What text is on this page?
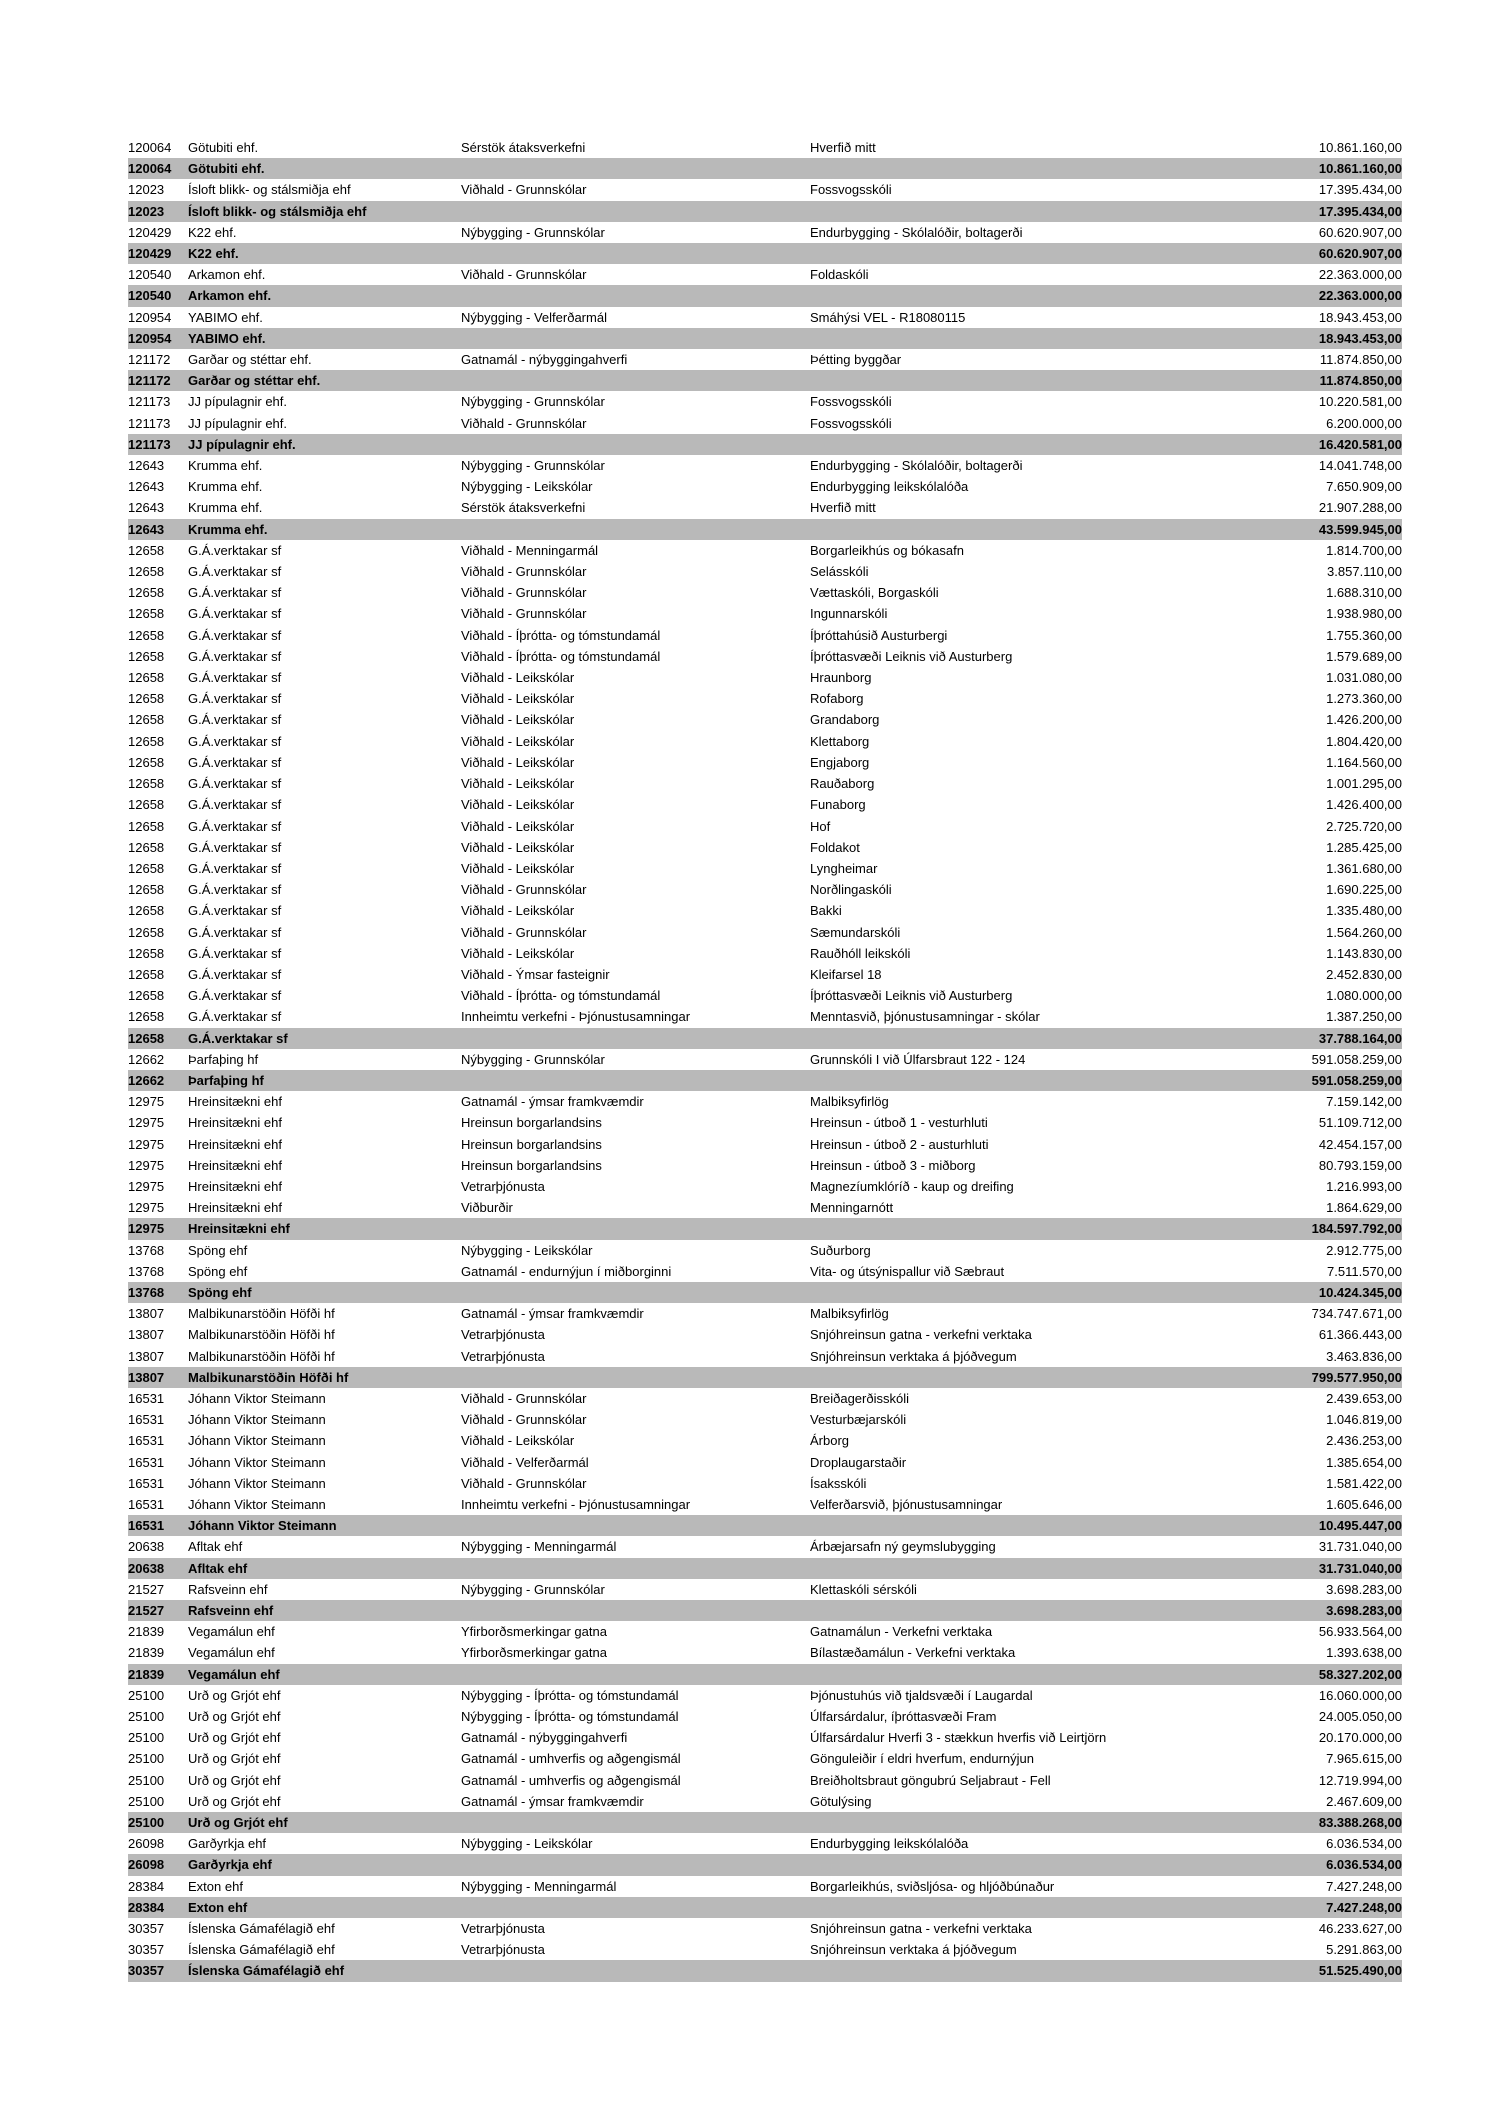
120064	Götubiti ehf.	Sérstök átaksverkefni	Hverfið mitt	10.861.160,00
120064	Götubiti ehf.			10.861.160,00
12023	Ísloft blikk- og stálsmiðja ehf	Viðhald - Grunnskólar	Fossvogsskóli	17.395.434,00
12023	Ísloft blikk- og stálsmiðja ehf			17.395.434,00
120429	K22 ehf.	Nýbygging - Grunnskólar	Endurbygging - Skólalóðir, boltagerði	60.620.907,00
120429	K22 ehf.			60.620.907,00
120540	Arkamon ehf.	Viðhald - Grunnskólar	Foldaskóli	22.363.000,00
120540	Arkamon ehf.			22.363.000,00
120954	YABIMO ehf.	Nýbygging - Velferðarmál	Smáhýsi VEL - R18080115	18.943.453,00
120954	YABIMO ehf.			18.943.453,00
121172	Garðar og stéttar ehf.	Gatnamál - nýbyggingahverfi	Þétting byggðar	11.874.850,00
121172	Garðar og stéttar ehf.			11.874.850,00
121173	JJ pípulagnir ehf.	Nýbygging - Grunnskólar	Fossvogsskóli	10.220.581,00
121173	JJ pípulagnir ehf.	Viðhald - Grunnskólar	Fossvogsskóli	6.200.000,00
121173	JJ pípulagnir ehf.			16.420.581,00
12643	Krumma ehf.	Nýbygging - Grunnskólar	Endurbygging - Skólalóðir, boltagerði	14.041.748,00
12643	Krumma ehf.	Nýbygging - Leikskólar	Endurbygging leikskólalóða	7.650.909,00
12643	Krumma ehf.	Sérstök átaksverkefni	Hverfið mitt	21.907.288,00
12643	Krumma ehf.			43.599.945,00
12658	G.Á.verktakar sf	Viðhald - Menningarmál	Borgarleikhús og bókasafn	1.814.700,00
12658	G.Á.verktakar sf	Viðhald - Grunnskólar	Selásskóli	3.857.110,00
12658	G.Á.verktakar sf	Viðhald - Grunnskólar	Vættaskóli, Borgaskóli	1.688.310,00
12658	G.Á.verktakar sf	Viðhald - Grunnskólar	Ingunnarskóli	1.938.980,00
12658	G.Á.verktakar sf	Viðhald - Íþrótta- og tómstundamál	Íþróttahúsið Austurbergi	1.755.360,00
12658	G.Á.verktakar sf	Viðhald - Íþrótta- og tómstundamál	Íþróttasvæði Leiknis við Austurberg	1.579.689,00
12658	G.Á.verktakar sf	Viðhald - Leikskólar	Hraunborg	1.031.080,00
12658	G.Á.verktakar sf	Viðhald - Leikskólar	Rofaborg	1.273.360,00
12658	G.Á.verktakar sf	Viðhald - Leikskólar	Grandaborg	1.426.200,00
12658	G.Á.verktakar sf	Viðhald - Leikskólar	Klettaborg	1.804.420,00
12658	G.Á.verktakar sf	Viðhald - Leikskólar	Engjaborg	1.164.560,00
12658	G.Á.verktakar sf	Viðhald - Leikskólar	Rauðaborg	1.001.295,00
12658	G.Á.verktakar sf	Viðhald - Leikskólar	Funaborg	1.426.400,00
12658	G.Á.verktakar sf	Viðhald - Leikskólar	Hof	2.725.720,00
12658	G.Á.verktakar sf	Viðhald - Leikskólar	Foldakot	1.285.425,00
12658	G.Á.verktakar sf	Viðhald - Leikskólar	Lyngheimar	1.361.680,00
12658	G.Á.verktakar sf	Viðhald - Grunnskólar	Norðlingaskóli	1.690.225,00
12658	G.Á.verktakar sf	Viðhald - Leikskólar	Bakki	1.335.480,00
12658	G.Á.verktakar sf	Viðhald - Grunnskólar	Sæmundarskóli	1.564.260,00
12658	G.Á.verktakar sf	Viðhald - Leikskólar	Rauðhóll leikskóli	1.143.830,00
12658	G.Á.verktakar sf	Viðhald - Ýmsar fasteignir	Kleifarsel 18	2.452.830,00
12658	G.Á.verktakar sf	Viðhald - Íþrótta- og tómstundamál	Íþróttasvæði Leiknis við Austurberg	1.080.000,00
12658	G.Á.verktakar sf	Innheimtu verkefni - Þjónustusamningar	Menntasvið, þjónustusamningar - skólar	1.387.250,00
12658	G.Á.verktakar sf			37.788.164,00
12662	Þarfaþing hf	Nýbygging - Grunnskólar	Grunnskóli I við Úlfarsbraut 122 - 124	591.058.259,00
12662	Þarfaþing hf			591.058.259,00
12975	Hreinsitækni ehf	Gatnamál - ýmsar framkvæmdir	Malbiksyfirlög	7.159.142,00
12975	Hreinsitækni ehf	Hreinsun borgarlandsins	Hreinsun - útboð 1 - vesturhluti	51.109.712,00
12975	Hreinsitækni ehf	Hreinsun borgarlandsins	Hreinsun - útboð 2 - austurhluti	42.454.157,00
12975	Hreinsitækni ehf	Hreinsun borgarlandsins	Hreinsun - útboð 3 - miðborg	80.793.159,00
12975	Hreinsitækni ehf	Vetrarþjónusta	Magnezíumklóríð - kaup og dreifing	1.216.993,00
12975	Hreinsitækni ehf	Viðburðir	Menningarnótt	1.864.629,00
12975	Hreinsitækni ehf			184.597.792,00
13768	Spöng ehf	Nýbygging - Leikskólar	Suðurborg	2.912.775,00
13768	Spöng ehf	Gatnamál - endurnýjun í miðborginni	Vita- og útsýnispallur við Sæbraut	7.511.570,00
13768	Spöng ehf			10.424.345,00
13807	Malbikunarstöðin Höfði hf	Gatnamál - ýmsar framkvæmdir	Malbiksyfirlög	734.747.671,00
13807	Malbikunarstöðin Höfði hf	Vetrarþjónusta	Snjóhreinsun gatna - verkefni verktaka	61.366.443,00
13807	Malbikunarstöðin Höfði hf	Vetrarþjónusta	Snjóhreinsun verktaka á þjóðvegum	3.463.836,00
13807	Malbikunarstöðin Höfði hf			799.577.950,00
16531	Jóhann Viktor Steimann	Viðhald - Grunnskólar	Breiðagerðisskóli	2.439.653,00
16531	Jóhann Viktor Steimann	Viðhald - Grunnskólar	Vesturbæjarskóli	1.046.819,00
16531	Jóhann Viktor Steimann	Viðhald - Leikskólar	Árborg	2.436.253,00
16531	Jóhann Viktor Steimann	Viðhald - Velferðarmál	Droplaugarstaðir	1.385.654,00
16531	Jóhann Viktor Steimann	Viðhald - Grunnskólar	Ísaksskóli	1.581.422,00
16531	Jóhann Viktor Steimann	Innheimtu verkefni - Þjónustusamningar	Velferðarsvið, þjónustusamningar	1.605.646,00
16531	Jóhann Viktor Steimann			10.495.447,00
20638	Afltak ehf	Nýbygging - Menningarmál	Árbæjarsafn ný geymslubygging	31.731.040,00
20638	Afltak ehf			31.731.040,00
21527	Rafsveinn ehf	Nýbygging - Grunnskólar	Klettaskóli sérskóli	3.698.283,00
21527	Rafsveinn ehf			3.698.283,00
21839	Vegamálun ehf	Yfirborðsmerkingar gatna	Gatnamálun - Verkefni verktaka	56.933.564,00
21839	Vegamálun ehf	Yfirborðsmerkingar gatna	Bílastæðamálun - Verkefni verktaka	1.393.638,00
21839	Vegamálun ehf			58.327.202,00
25100	Urð og Grjót ehf	Nýbygging - Íþrótta- og tómstundamál	Þjónustuhús við tjaldsvæði í Laugardal	16.060.000,00
25100	Urð og Grjót ehf	Nýbygging - Íþrótta- og tómstundamál	Úlfarsárdalur, íþróttasvæði Fram	24.005.050,00
25100	Urð og Grjót ehf	Gatnamál - nýbyggingahverfi	Úlfarsárdalur Hverfi 3 - stækkun hverfis við Leirtjörn	20.170.000,00
25100	Urð og Grjót ehf	Gatnamál - umhverfis og aðgengismál	Gönguleiðir í eldri hverfum, endurnýjun	7.965.615,00
25100	Urð og Grjót ehf	Gatnamál - umhverfis og aðgengismál	Breiðholtsbraut göngubrú Seljabraut - Fell	12.719.994,00
25100	Urð og Grjót ehf	Gatnamál - ýmsar framkvæmdir	Götulýsing	2.467.609,00
25100	Urð og Grjót ehf			83.388.268,00
26098	Garðyrkja ehf	Nýbygging - Leikskólar	Endurbygging leikskólalóða	6.036.534,00
26098	Garðyrkja ehf			6.036.534,00
28384	Exton ehf	Nýbygging - Menningarmál	Borgarleikhús, sviðsljósa- og hljóðbúnaður	7.427.248,00
28384	Exton ehf			7.427.248,00
30357	Íslenska Gámafélagið ehf	Vetrarþjónusta	Snjóhreinsun gatna - verkefni verktaka	46.233.627,00
30357	Íslenska Gámafélagið ehf	Vetrarþjónusta	Snjóhreinsun verktaka á þjóðvegum	5.291.863,00
30357	Íslenska Gámafélagið ehf			51.525.490,00
